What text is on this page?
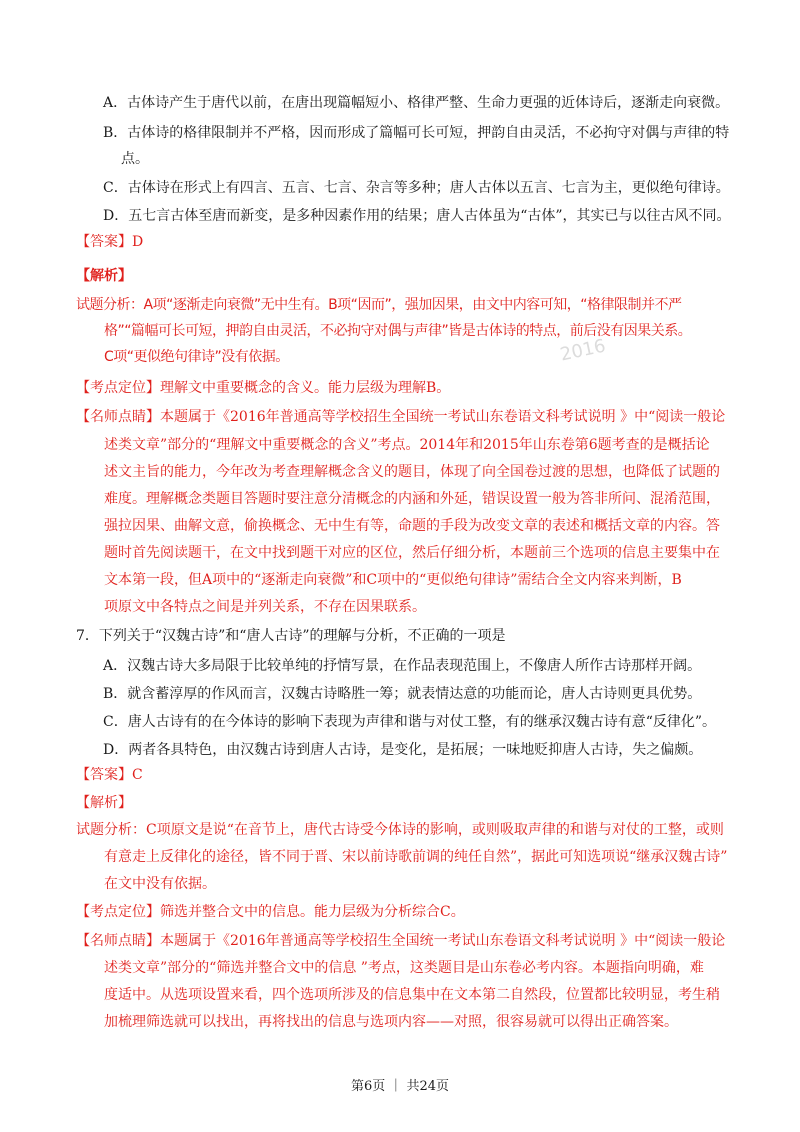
A．古体诗产生于唐代以前，在唐出现篇幅短小、格律严整、生命力更强的近体诗后，逐渐走向衰微。
B．古体诗的格律限制并不严格，因而形成了篇幅可长可短，押韵自由灵活，不必拘守对偶与声律的特
点。
C．古体诗在形式上有四言、五言、七言、杂言等多种；唐人古体以五言、七言为主，更似绝句律诗。
D．五七言古体至唐而新变，是多种因素作用的结果；唐人古体虽为“古体”，其实已与以往古风不同。
【答案】D
【解析】
试题分析：A项“逐渐走向衰微”无中生有。B项“因而”，强加因果，由文中内容可知，“格律限制并不严
格”“篇幅可长可短，押韵自由灵活，不必拘守对偶与声律”皆是古体诗的特点，前后没有因果关系。
C项“更似绝句律诗”没有依据。	2016
【考点定位】理解文中重要概念的含义。能力层级为理解B。
【名师点睛】本题属于《2016年普通高等学校招生全国统一考试山东卷语文科考试说明 》中“阅读一般论
述类文章”部分的“理解文中重要概念的含义”考点。2014年和2015年山东卷第6题考查的是概括论
述文主旨的能力，今年改为考查理解概念含义的题目，体现了向全国卷过渡的思想，也降低了试题的
难度。理解概念类题目答题时要注意分清概念的内涵和外延，错误设置一般为答非所问、混淆范围，
强拉因果、曲解文意，偷换概念、无中生有等，命题的手段为改变文章的表述和概括文章的内容。答
题时首先阅读题干，在文中找到题干对应的区位，然后仔细分析，本题前三个选项的信息主要集中在
文本第一段，但A项中的“逐渐走向衰微”和C项中的“更似绝句律诗”需结合全文内容来判断，B
项原文中各特点之间是并列关系，不存在因果联系。
7．下列关于“汉魏古诗”和“唐人古诗”的理解与分析，不正确的一项是
A．汉魏古诗大多局限于比较单纯的抒情写景，在作品表现范围上，不像唐人所作古诗那样开阔。
B．就含蓄淳厚的作风而言，汉魏古诗略胜一筹；就表情达意的功能而论，唐人古诗则更具优势。
C．唐人古诗有的在今体诗的影响下表现为声律和谐与对仗工整，有的继承汉魏古诗有意“反律化”。
D．两者各具特色，由汉魏古诗到唐人古诗，是变化，是拓展；一味地贬抑唐人古诗，失之偏颇。
【答案】C
【解析】
试题分析：C项原文是说“在音节上，唐代古诗受今体诗的影响，或则吸取声律的和谐与对仗的工整，或则
有意走上反律化的途径，皆不同于晋、宋以前诗歌前调的纯任自然”，据此可知选项说“继承汉魏古诗”
在文中没有依据。
【考点定位】筛选并整合文中的信息。能力层级为分析综合C。
【名师点睛】本题属于《2016年普通高等学校招生全国统一考试山东卷语文科考试说明 》中“阅读一般论
述类文章”部分的“筛选并整合文中的信息 ”考点，这类题目是山东卷必考内容。本题指向明确，难
度适中。从选项设置来看，四个选项所涉及的信息集中在文本第二自然段，位置都比较明显，考生稍
加梳理筛选就可以找出，再将找出的信息与选项内容——对照，很容易就可以得出正确答案。
第6页 ｜ 共24页
